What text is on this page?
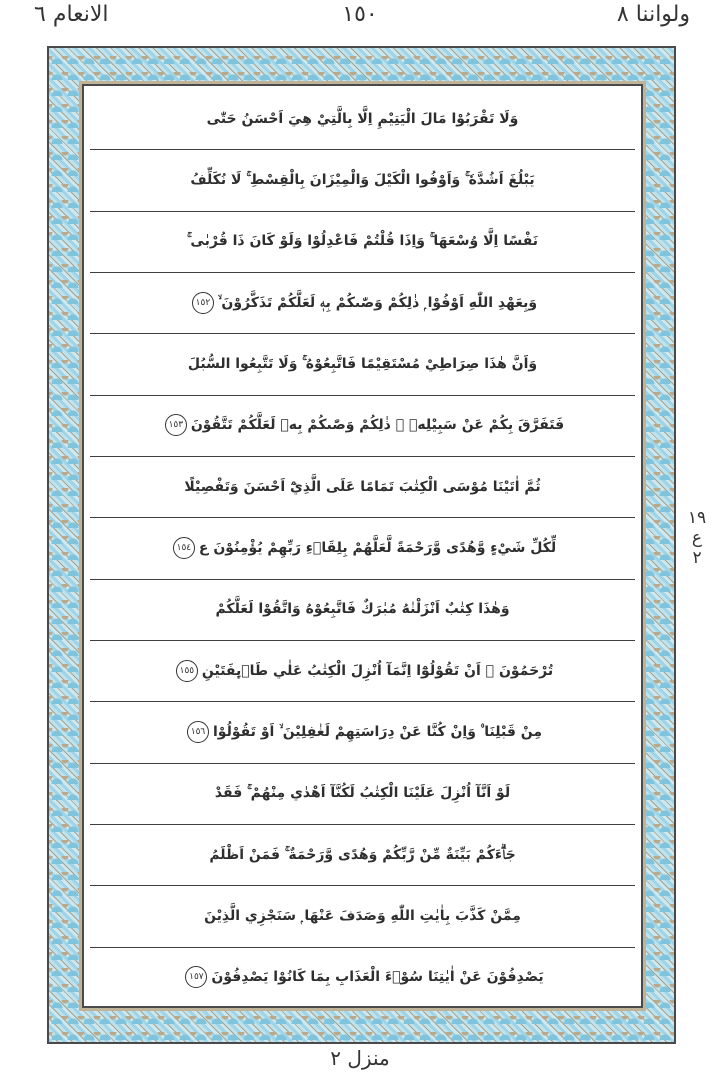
ولواننا ٨
١٥٠
الانعام ٦
وَلَا تَقْرَبُوْا مَالَ الْيَتِيْمِ اِلَّا بِالَّتِيْ هِيَ اَحْسَنُ حَتّٰى
يَبْلُغَ اَشُدَّهٗ ۚ وَاَوْفُوا الْكَيْلَ وَالْمِيْزَانَ بِالْقِسْطِ ۚ لَا نُكَلِّفُ
نَفْسًا اِلَّا وُسْعَهَا ۚ وَاِذَا قُلْتُمْ فَاعْدِلُوْا وَلَوْ كَانَ ذَا قُرْبٰى ۚ
وَبِعَهْدِ اللّٰهِ اَوْفُوْا ۭ ذٰلِكُمْ وَصّٰىكُمْ بِهٖ لَعَلَّكُمْ تَذَكَّرُوْنَ ۙ
١٥٢
وَاَنَّ هٰذَا صِرَاطِيْ مُسْتَقِيْمًا فَاتَّبِعُوْهُ ۚ وَلَا تَتَّبِعُوا السُّبُلَ
فَتَفَرَّقَ بِكُمْ عَنْ سَبِيْلِهٖ ۭ ذٰلِكُمْ وَصّٰىكُمْ بِهٖ لَعَلَّكُمْ تَتَّقُوْنَ
١٥٣
ثُمَّ اٰتَيْنَا مُوْسَى الْكِتٰبَ تَمَامًا عَلَى الَّذِيْٓ اَحْسَنَ وَتَفْصِيْلًا
لِّكُلِّ شَيْءٍ وَّهُدًى وَّرَحْمَةً لَّعَلَّهُمْ بِلِقَاۗءِ رَبِّهِمْ يُؤْمِنُوْنَ ع
١٥٤
وَهٰذَا كِتٰبٌ اَنْزَلْنٰهُ مُبٰرَكٌ فَاتَّبِعُوْهُ وَاتَّقُوْا لَعَلَّكُمْ
تُرْحَمُوْنَ ۙ اَنْ تَقُوْلُوْٓا اِنَّمَآ اُنْزِلَ الْكِتٰبُ عَلٰي طَاۗىِٕفَتَيْنِ
١٥٥
مِنْ قَبْلِنَا ۠ وَاِنْ كُنَّا عَنْ دِرَاسَتِهِمْ لَغٰفِلِيْنَ ۙ اَوْ تَقُوْلُوْا
١٥٦
لَوْ اَنَّآ اُنْزِلَ عَلَيْنَا الْكِتٰبُ لَكُنَّآ اَهْدٰي مِنْهُمْ ۚ فَقَدْ
جَاۗءَكُمْ بَيِّنَةٌ مِّنْ رَّبِّكُمْ وَهُدًى وَّرَحْمَةٌ ۚ فَمَنْ اَظْلَمُ
مِمَّنْ كَذَّبَ بِاٰيٰتِ اللّٰهِ وَصَدَفَ عَنْهَا ۭ سَنَجْزِي الَّذِيْنَ
يَصْدِفُوْنَ عَنْ اٰيٰتِنَا سُوْۗءَ الْعَذَابِ بِمَا كَانُوْا يَصْدِفُوْنَ
١٥٧
١٩
ع
٢
منزل ٢
